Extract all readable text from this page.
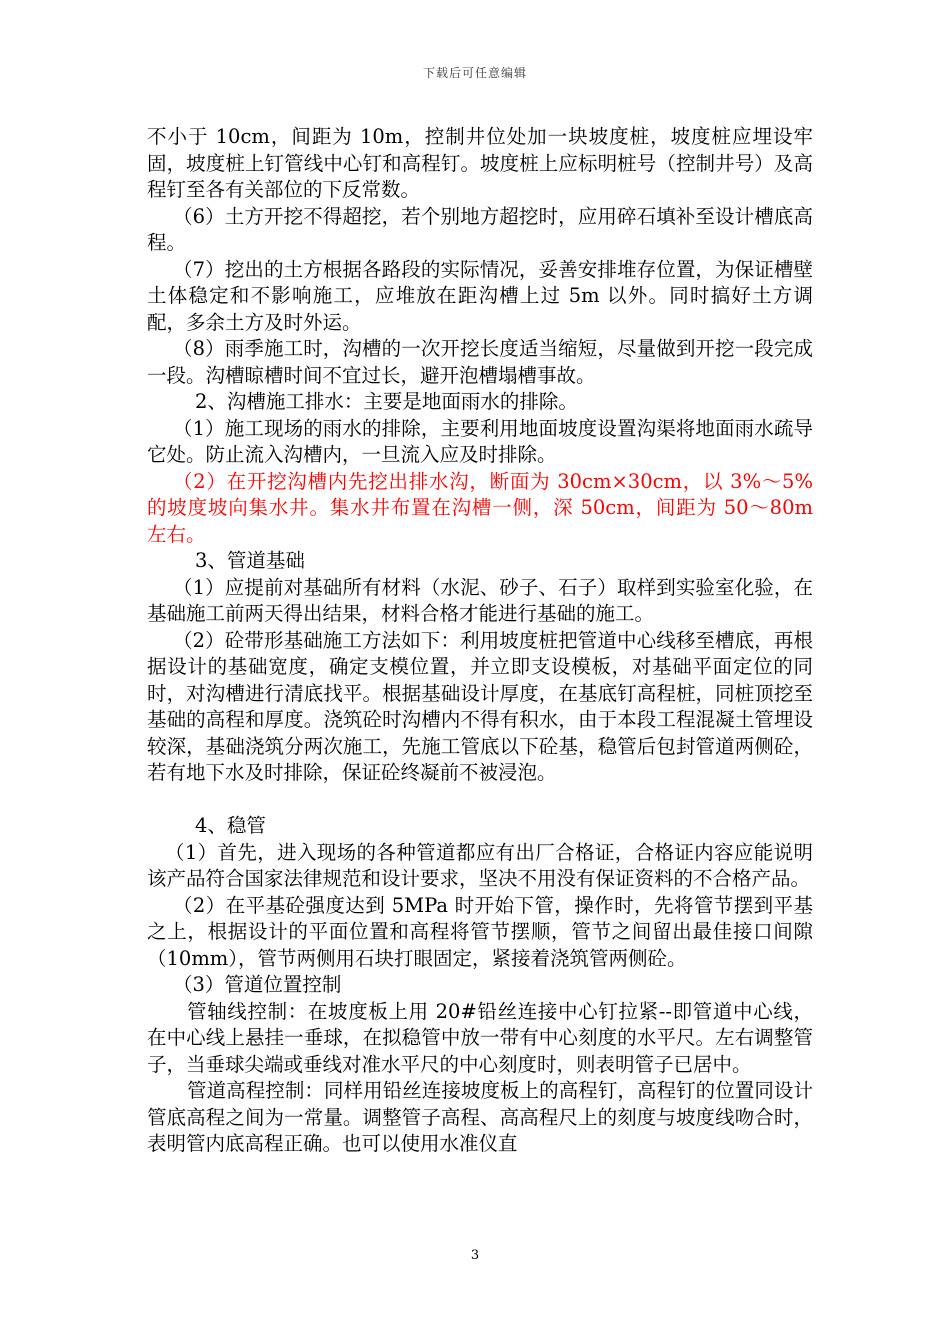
下载后可任意编辑

不小于 10cm，间距为 10m，控制井位处加一块坡度桩，坡度桩应埋设牢固，坡度桩上钉管线中心钉和高程钉。坡度桩上应标明桩号（控制井号）及高程钉至各有关部位的下反常数。

（6）土方开挖不得超挖，若个别地方超挖时，应用碎石填补至设计槽底高程。

（7）挖出的土方根据各路段的实际情况，妥善安排堆存位置，为保证槽壁土体稳定和不影响施工，应堆放在距沟槽上过 5m 以外。同时搞好土方调配，多余土方及时外运。

（8）雨季施工时，沟槽的一次开挖长度适当缩短，尽量做到开挖一段完成一段。沟槽晾槽时间不宜过长，避开泡槽塌槽事故。

2、沟槽施工排水：主要是地面雨水的排除。

（1）施工现场的雨水的排除，主要利用地面坡度设置沟渠将地面雨水疏导它处。防止流入沟槽内，一旦流入应及时排除。

（2）在开挖沟槽内先挖出排水沟，断面为 30cm×30cm，以 3%～5%的坡度坡向集水井。集水井布置在沟槽一侧，深 50cm，间距为 50～80m 左右。

3、管道基础

（1）应提前对基础所有材料（水泥、砂子、石子）取样到实验室化验，在基础施工前两天得出结果，材料合格才能进行基础的施工。

（2）砼带形基础施工方法如下：利用坡度桩把管道中心线移至槽底，再根据设计的基础宽度，确定支模位置，并立即支设模板，对基础平面定位的同时，对沟槽进行清底找平。根据基础设计厚度，在基底钉高程桩，同桩顶挖至基础的高程和厚度。浇筑砼时沟槽内不得有积水，由于本段工程混凝土管埋设较深，基础浇筑分两次施工，先施工管底以下砼基，稳管后包封管道两侧砼，若有地下水及时排除，保证砼终凝前不被浸泡。

4、稳管

（1）首先，进入现场的各种管道都应有出厂合格证，合格证内容应能说明该产品符合国家法律规范和设计要求，坚决不用没有保证资料的不合格产品。

（2）在平基砼强度达到 5MPa 时开始下管，操作时，先将管节摆到平基之上，根据设计的平面位置和高程将管节摆顺，管节之间留出最佳接口间隙（10mm），管节两侧用石块打眼固定，紧接着浇筑管两侧砼。

（3）管道位置控制

管轴线控制：在坡度板上用 20#铅丝连接中心钉拉紧--即管道中心线，在中心线上悬挂一垂球，在拟稳管中放一带有中心刻度的水平尺。左右调整管子，当垂球尖端或垂线对准水平尺的中心刻度时，则表明管子已居中。

管道高程控制：同样用铅丝连接坡度板上的高程钉，高程钉的位置同设计管底高程之间为一常量。调整管子高程、高高程尺上的刻度与坡度线吻合时，表明管内底高程正确。也可以使用水准仪直

3
